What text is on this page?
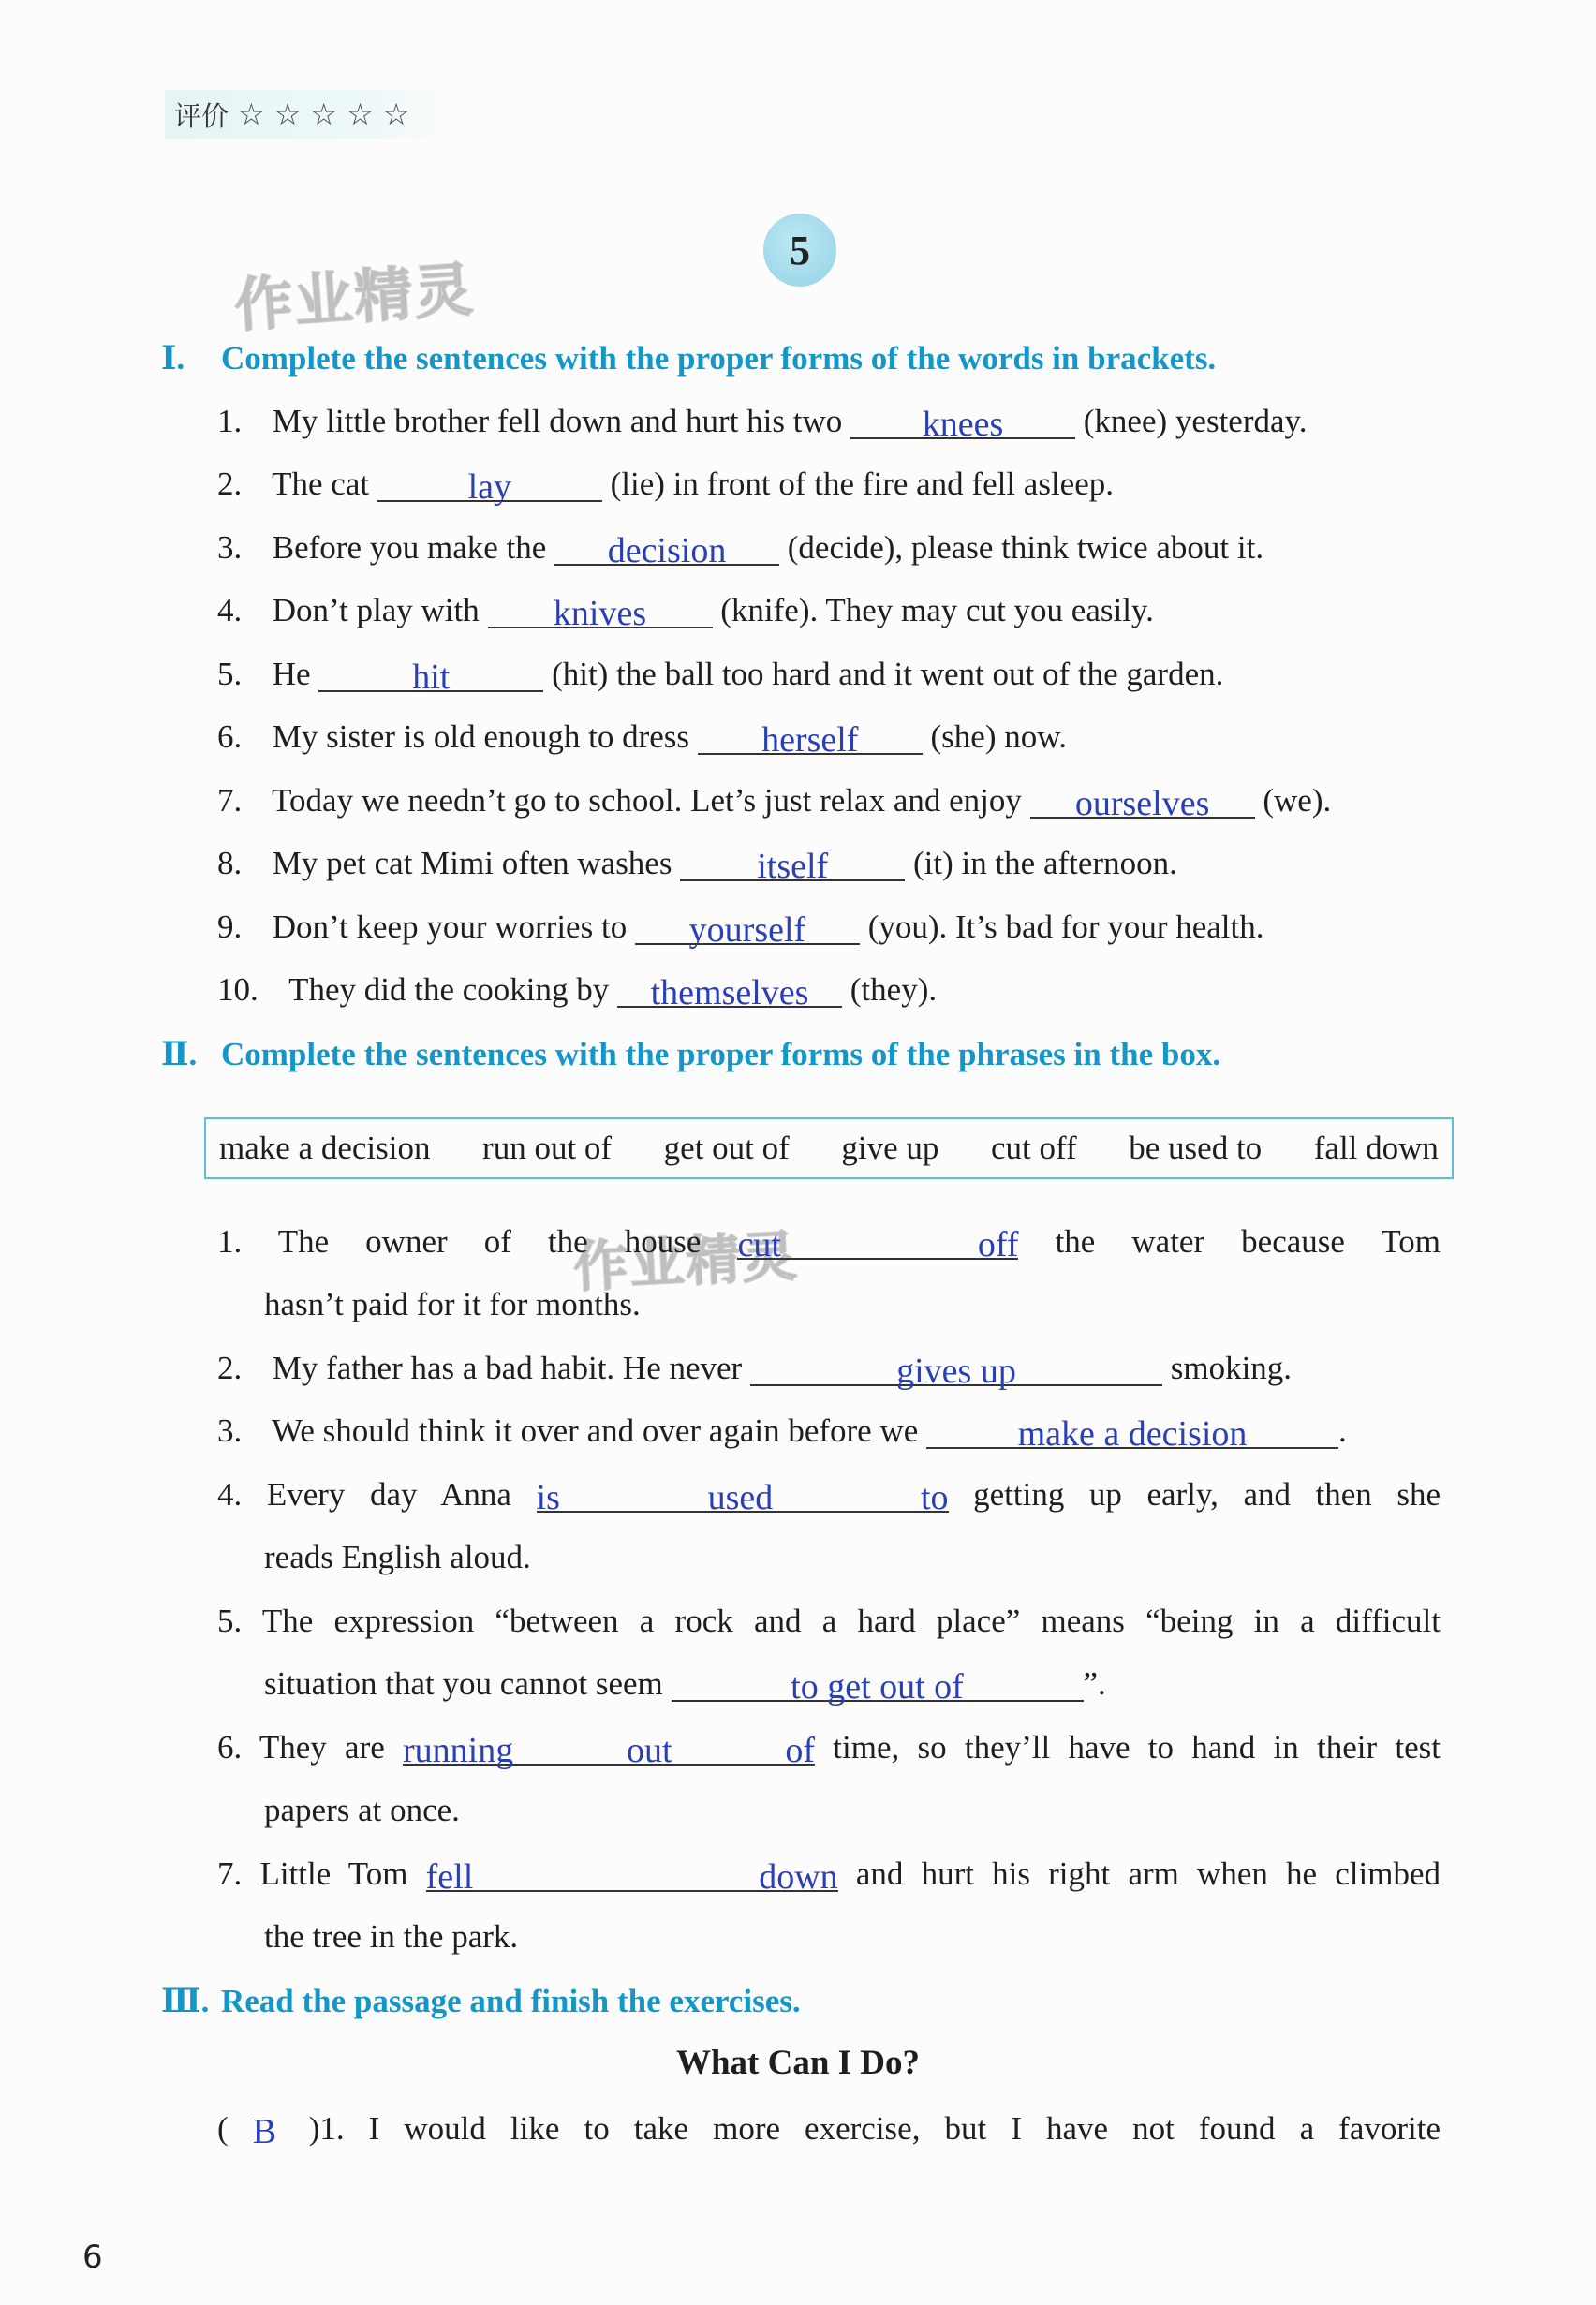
评价 ☆ ☆ ☆ ☆ ☆
5
作业精灵
Ⅰ. Complete the sentences with the proper forms of the words in brackets.
1. My little brother fell down and hurt his two knees (knee) yesterday.
2. The cat	lay	(lie) in front of the fire and fell asleep.
3. Before you make the decision (decide), please think twice about it.
4. Don’t play with knives (knife). They may cut you easily.
5. He	hit	(hit) the ball too hard and it went out of the garden.
6. My sister is old enough to dress herself (she) now.
7. Today we needn’t go to school. Let’s just relax and enjoy ourselves (we).
8. My pet cat Mimi often washes itself	(it) in the afternoon.
9. Don’t keep your worries to yourself (you). It’s bad for your health.
10. They did the cooking by themselves (they).
Ⅱ. Complete the sentences with the proper forms of the phrases in the box.
make a decision run out of get out of give up cut off be used to fall down
作业精灵
1. The owner of the house cut off the water because Tom
hasn’t paid for it for months.
2. My father has a bad habit. He never	gives up	smoking.
3. We should think it over and over again before we	make a decision	.
4. Every day Anna is used to getting up early, and then she
reads English aloud.
5. The expression “between a rock and a hard place” means “being in a difficult
situation that you cannot seem	to get out of	”.
6. They are running out of time, so they’ll have to hand in their test
papers at once.
7. Little Tom fell down and hurt his right arm when he climbed
the tree in the park.
Ⅲ. Read the passage and finish the exercises.
What Can I Do?
( B )1. I would like to take more exercise, but I have not found a favorite
6
